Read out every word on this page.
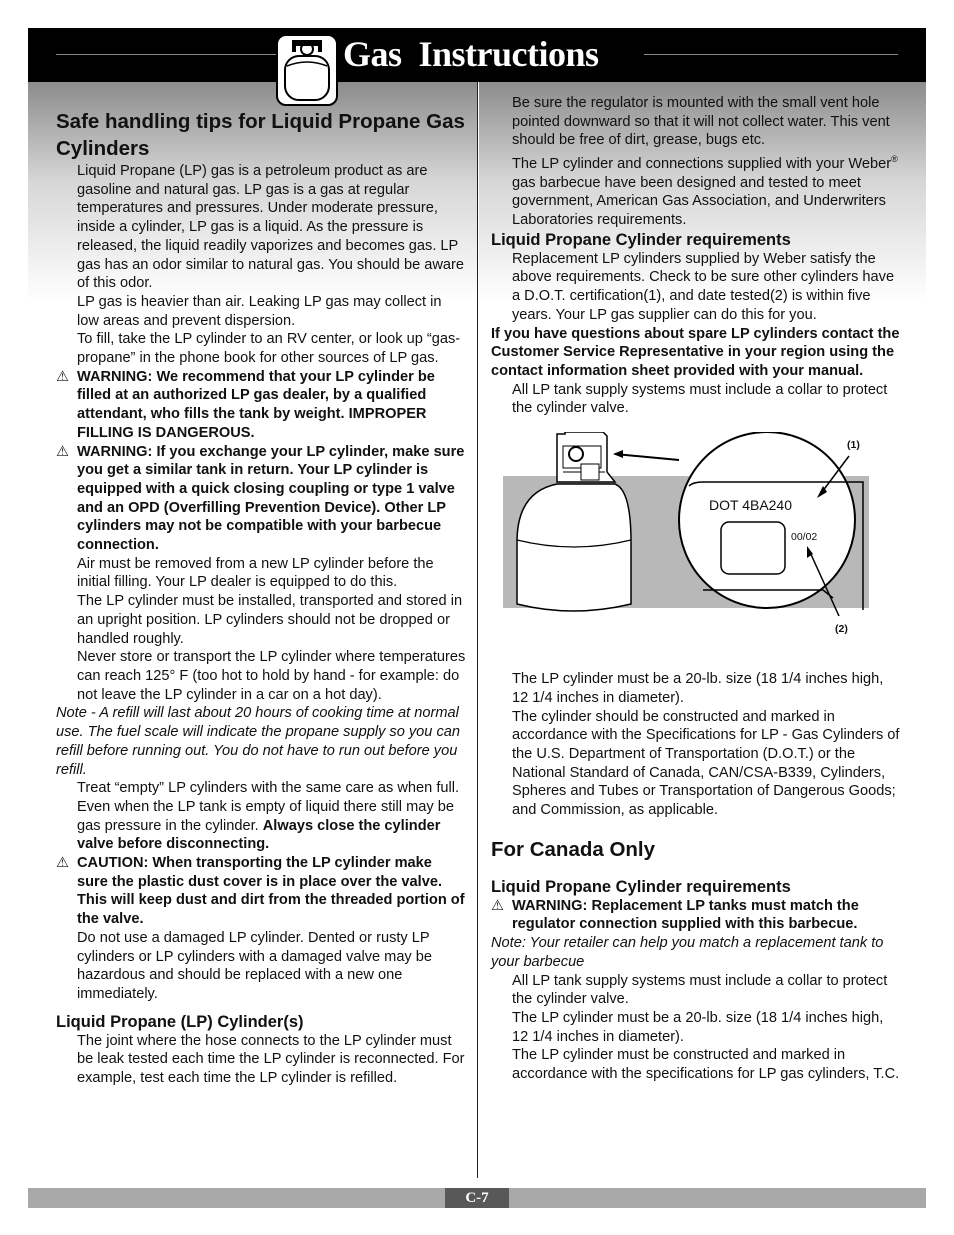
Gas  Instructions

Safe handling tips for Liquid Propane Gas Cylinders

Liquid Propane (LP) gas is a petroleum product as are gasoline and natural gas. LP gas is a gas at regular temperatures and pressures. Under moderate pressure, inside a cylinder, LP gas is a liquid. As the pressure is released, the liquid readily vaporizes and becomes gas. LP gas has an odor similar to natural gas. You should be aware of this odor.

LP gas is heavier than air. Leaking LP gas may collect in low areas and prevent dispersion.

To fill, take the LP cylinder to an RV center, or look up “gas-propane” in the phone book for other sources of LP gas.

⚠ WARNING: We recommend that your LP cylinder be filled at an authorized LP gas dealer, by a qualified attendant, who fills the tank by weight. IMPROPER FILLING IS DANGEROUS.

⚠ WARNING: If you exchange your LP cylinder, make sure you get a similar tank in return. Your LP cylinder is equipped with a quick closing coupling or type 1 valve and an OPD (Overfilling Prevention Device). Other LP cylinders may not be compatible with your barbecue connection.

Air must be removed from a new LP cylinder before the initial filling. Your LP dealer is equipped to do this.

The LP cylinder must be installed, transported and stored in an upright position. LP cylinders should not be dropped or handled roughly.

Never store or transport the LP cylinder where temperatures can reach 125° F (too hot to hold by hand - for example: do not leave the LP cylinder in a car on a hot day).

Note - A refill will last about 20 hours of cooking time at normal use. The fuel scale will indicate the propane supply so you can refill before running out. You do not have to run out before you refill.

Treat “empty” LP cylinders with the same care as when full. Even when the LP tank is empty of liquid there still may be gas pressure in the cylinder. Always close the cylinder valve before disconnecting.

⚠ CAUTION: When transporting the LP cylinder make sure the plastic dust cover is in place over the valve. This will keep dust and dirt from the threaded portion of the valve.

Do not use a damaged LP cylinder. Dented or rusty LP cylinders or LP cylinders with a damaged valve may be hazardous and should be replaced with a new one immediately.

Liquid Propane (LP) Cylinder(s)

The joint where the hose connects to the LP cylinder must be leak tested each time the LP cylinder is reconnected. For example, test each time the LP cylinder is refilled.

Be sure the regulator is mounted with the small vent hole pointed downward so that it will not collect water. This vent should be free of dirt, grease, bugs etc.

The LP cylinder and connections supplied with your Weber® gas barbecue have been designed and tested to meet government, American Gas Association, and Underwriters Laboratories requirements.

Liquid Propane Cylinder requirements

Replacement LP cylinders supplied by Weber satisfy the above requirements. Check to be sure other cylinders have a D.O.T. certification(1), and date tested(2) is within five years. Your LP gas supplier can do this for you.

If you have questions about spare LP cylinders contact the Customer Service Representative in your region using the contact information sheet provided with your manual.

All LP tank supply systems must include a collar to protect the cylinder valve.

(1)
(2)
DOT 4BA240
00/02

The LP cylinder must be a 20-lb. size (18 1/4 inches high, 12 1/4 inches in diameter).

The cylinder should be constructed and marked in accordance with the Specifications for LP - Gas Cylinders of the U.S. Department of Transportation (D.O.T.) or the National Standard of Canada, CAN/CSA-B339, Cylinders, Spheres and Tubes or Transportation of Dangerous Goods; and Commission, as applicable.

For Canada Only

Liquid Propane Cylinder requirements

⚠ WARNING: Replacement LP tanks must match the regulator connection supplied with this barbecue.

Note: Your retailer can help you match a replacement tank to your barbecue

All LP tank supply systems must include a collar to protect the cylinder valve.

The LP cylinder must be a 20-lb. size (18 1/4 inches high, 12 1/4 inches in diameter).

The LP cylinder must be constructed and marked in accordance with the specifications for LP gas cylinders, T.C.

C-7
